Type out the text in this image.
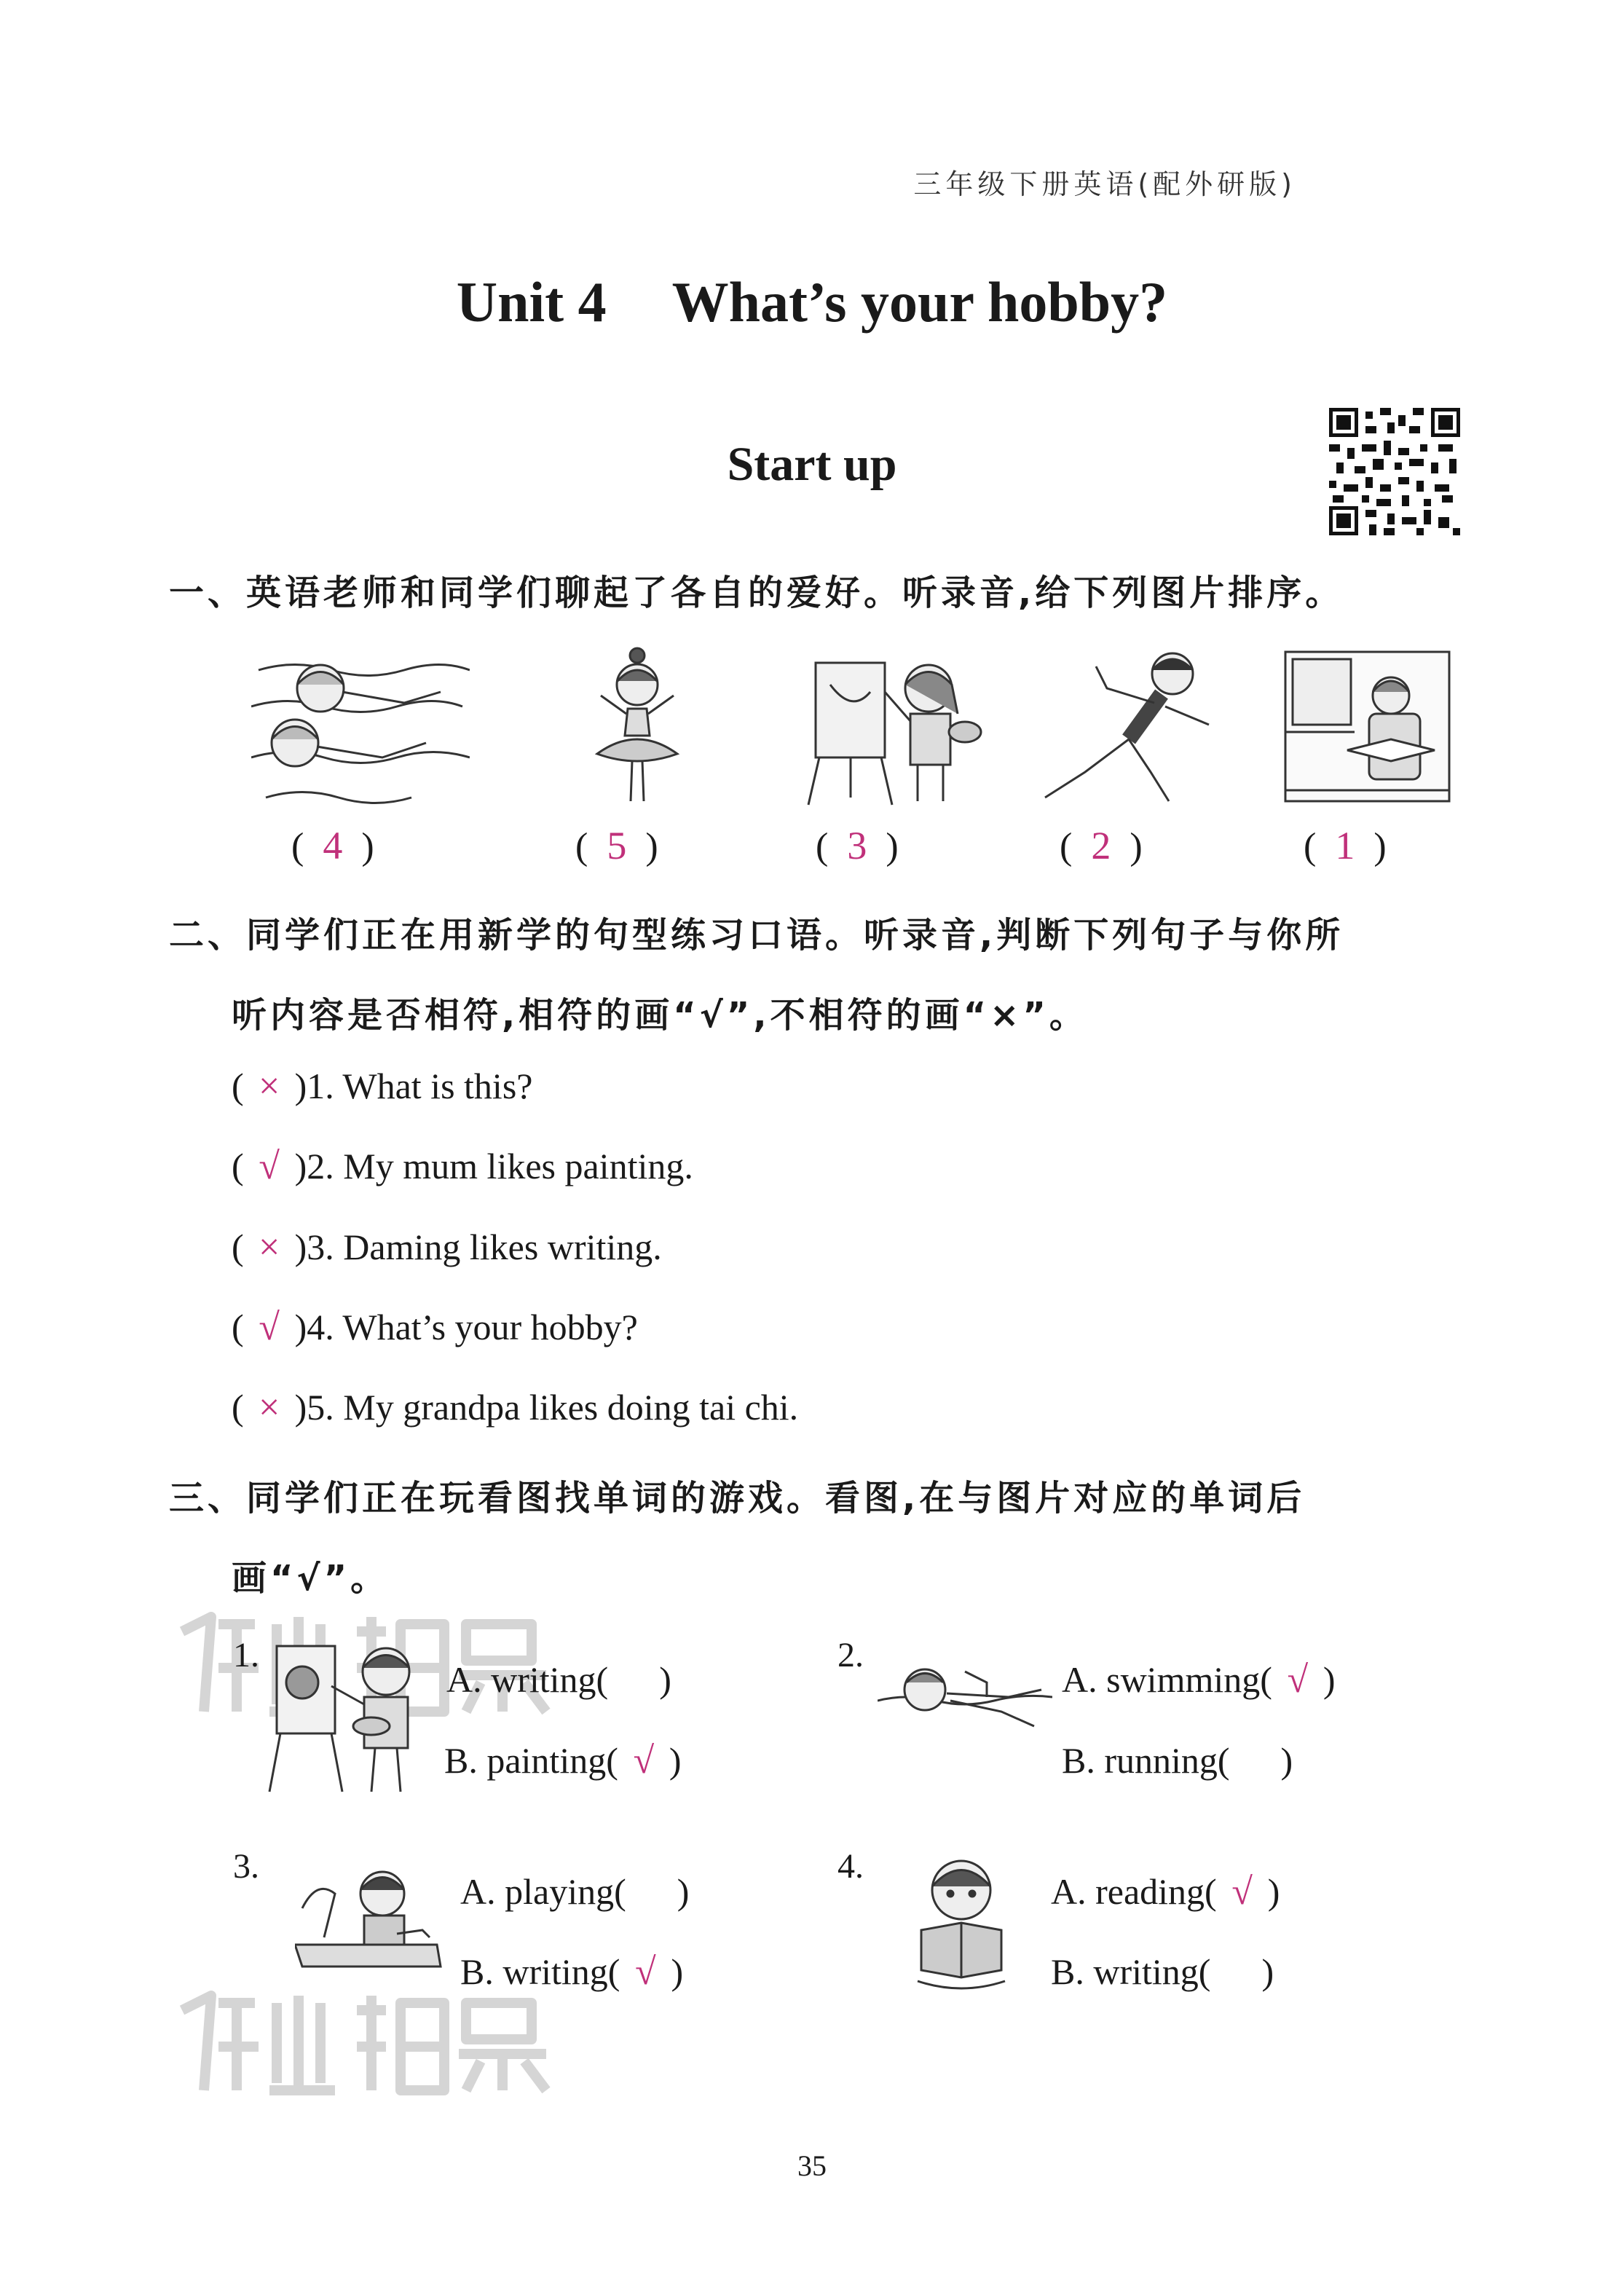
三年级下册英语(配外研版)
Unit 4 What’s your hobby?
Start up
一、英语老师和同学们聊起了各自的爱好。听录音,给下列图片排序。
(  4  )	(  5  )	(  3  )	(  2  )	(  1  )
二、同学们正在用新学的句型练习口语。听录音,判断下列句子与你所
听内容是否相符,相符的画“√”,不相符的画“×”。
( × )1. What is this?
( √ )2. My mum likes painting.
( × )3. Daming likes writing.
( √ )4. What’s your hobby?
( × )5. My grandpa likes doing tai chi.
三、同学们正在玩看图找单词的游戏。看图,在与图片对应的单词后
画“√”。
1.
A. writing( )
B. painting( √ )
2.
A. swimming( √ )
B. running( )
3.
A. playing( )
B. writing( √ )
4.
A. reading( √ )
B. writing( )
35
